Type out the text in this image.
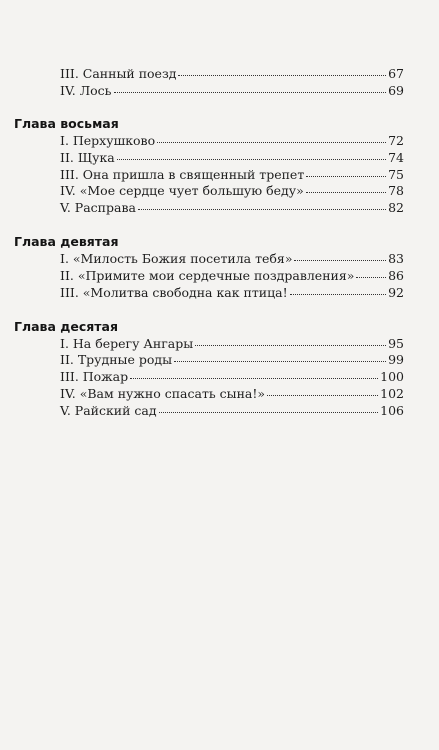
III. Санный поезд	67
IV. Лось	69
Глава восьмая
I. Перхушково	72
II. Щука	74
III. Она пришла в священный трепет	75
IV. «Мое сердце чует большую беду»	78
V. Расправа	82
Глава девятая
I. «Милость Божия посетила тебя»	83
II. «Примите мои сердечные поздравления»	86
III. «Молитва свободна как птица!	92
Глава десятая
I. На берегу Ангары	95
II. Трудные роды	99
III. Пожар	100
IV. «Вам нужно спасать сына!»	102
V. Райский сад	106
